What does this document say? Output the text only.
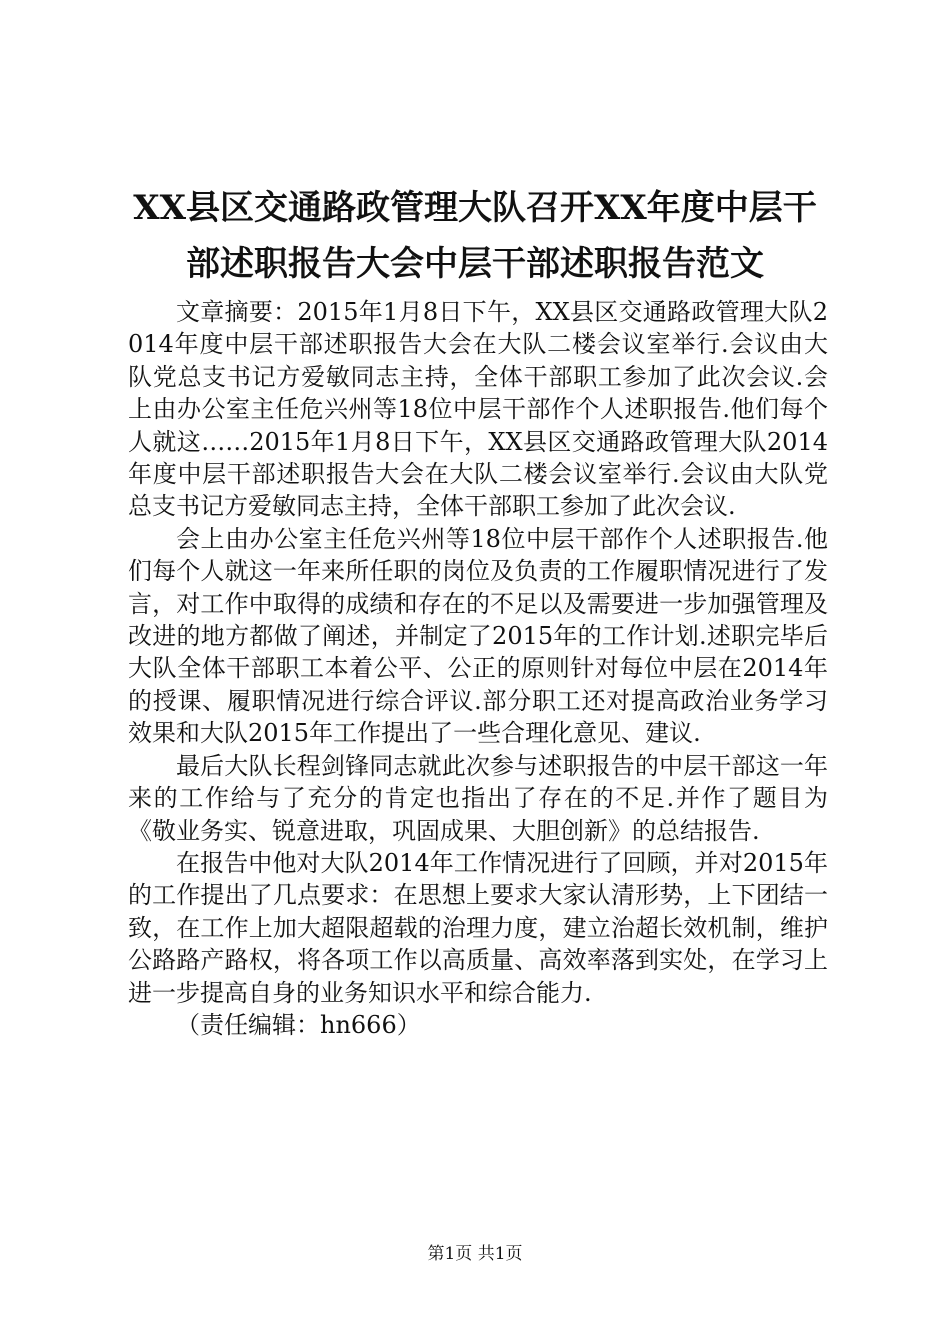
XX县区交通路政管理大队召开XX年度中层干部述职报告大会中层干部述职报告范文

文章摘要：2015年1月8日下午，XX县区交通路政管理大队2014年度中层干部述职报告大会在大队二楼会议室举行.会议由大队党总支书记方爱敏同志主持，全体干部职工参加了此次会议.会上由办公室主任危兴州等18位中层干部作个人述职报告.他们每个人就这……2015年1月8日下午，XX县区交通路政管理大队2014年度中层干部述职报告大会在大队二楼会议室举行.会议由大队党总支书记方爱敏同志主持，全体干部职工参加了此次会议.

会上由办公室主任危兴州等18位中层干部作个人述职报告.他们每个人就这一年来所任职的岗位及负责的工作履职情况进行了发言，对工作中取得的成绩和存在的不足以及需要进一步加强管理及改进的地方都做了阐述，并制定了2015年的工作计划.述职完毕后大队全体干部职工本着公平、公正的原则针对每位中层在2014年的授课、履职情况进行综合评议.部分职工还对提高政治业务学习效果和大队2015年工作提出了一些合理化意见、建议.

最后大队长程剑锋同志就此次参与述职报告的中层干部这一年来的工作给与了充分的肯定也指出了存在的不足.并作了题目为《敬业务实、锐意进取，巩固成果、大胆创新》的总结报告.

在报告中他对大队2014年工作情况进行了回顾，并对2015年的工作提出了几点要求：在思想上要求大家认清形势，上下团结一致，在工作上加大超限超载的治理力度，建立治超长效机制，维护公路路产路权，将各项工作以高质量、高效率落到实处，在学习上进一步提高自身的业务知识水平和综合能力.

（责任编辑：hn666）

第1页 共1页
